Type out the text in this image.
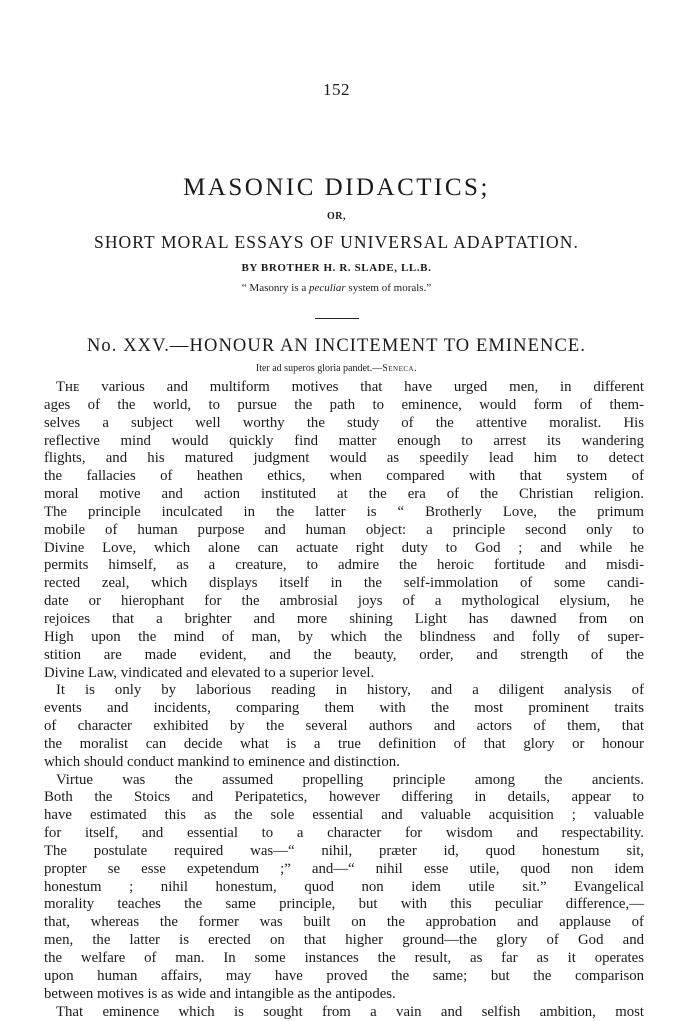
152
MASONIC DIDACTICS;
OR,
SHORT MORAL ESSAYS OF UNIVERSAL ADAPTATION.
BY BROTHER H. R. SLADE, LL.B.
“ Masonry is a peculiar system of morals.”
No. XXV.—HONOUR AN INCITEMENT TO EMINENCE.
Iter ad superos gloria pandet.—Seneca.
Tʜᴇ various and multiform motives that have urged men, in different
ages of the world, to pursue the path to eminence, would form of them-
selves a subject well worthy the study of the attentive moralist. His
reflective mind would quickly find matter enough to arrest its wandering
flights, and his matured judgment would as speedily lead him to detect
the fallacies of heathen ethics, when compared with that system of
moral motive and action instituted at the era of the Christian religion.
The principle inculcated in the latter is “ Brotherly Love, the primum
mobile of human purpose and human object: a principle second only to
Divine Love, which alone can actuate right duty to God ; and while he
permits himself, as a creature, to admire the heroic fortitude and misdi-
rected zeal, which displays itself in the self-immolation of some candi-
date or hierophant for the ambrosial joys of a mythological elysium, he
rejoices that a brighter and more shining Light has dawned from on
High upon the mind of man, by which the blindness and folly of super-
stition are made evident, and the beauty, order, and strength of the
Divine Law, vindicated and elevated to a superior level.
It is only by laborious reading in history, and a diligent analysis of
events and incidents, comparing them with the most prominent traits
of character exhibited by the several authors and actors of them, that
the moralist can decide what is a true definition of that glory or honour
which should conduct mankind to eminence and distinction.
Virtue was the assumed propelling principle among the ancients.
Both the Stoics and Peripatetics, however differing in details, appear to
have estimated this as the sole essential and valuable acquisition ; valuable
for itself, and essential to a character for wisdom and respectability.
The postulate required was—“ nihil, præter id, quod honestum sit,
propter se esse expetendum ;” and—“ nihil esse utile, quod non idem
honestum ; nihil honestum, quod non idem utile sit.” Evangelical
morality teaches the same principle, but with this peculiar difference,—
that, whereas the former was built on the approbation and applause of
men, the latter is erected on that higher ground—the glory of God and
the welfare of man. In some instances the result, as far as it operates
upon human affairs, may have proved the same; but the comparison
between motives is as wide and intangible as the antipodes.
That eminence which is sought from a vain and selfish ambition, most
